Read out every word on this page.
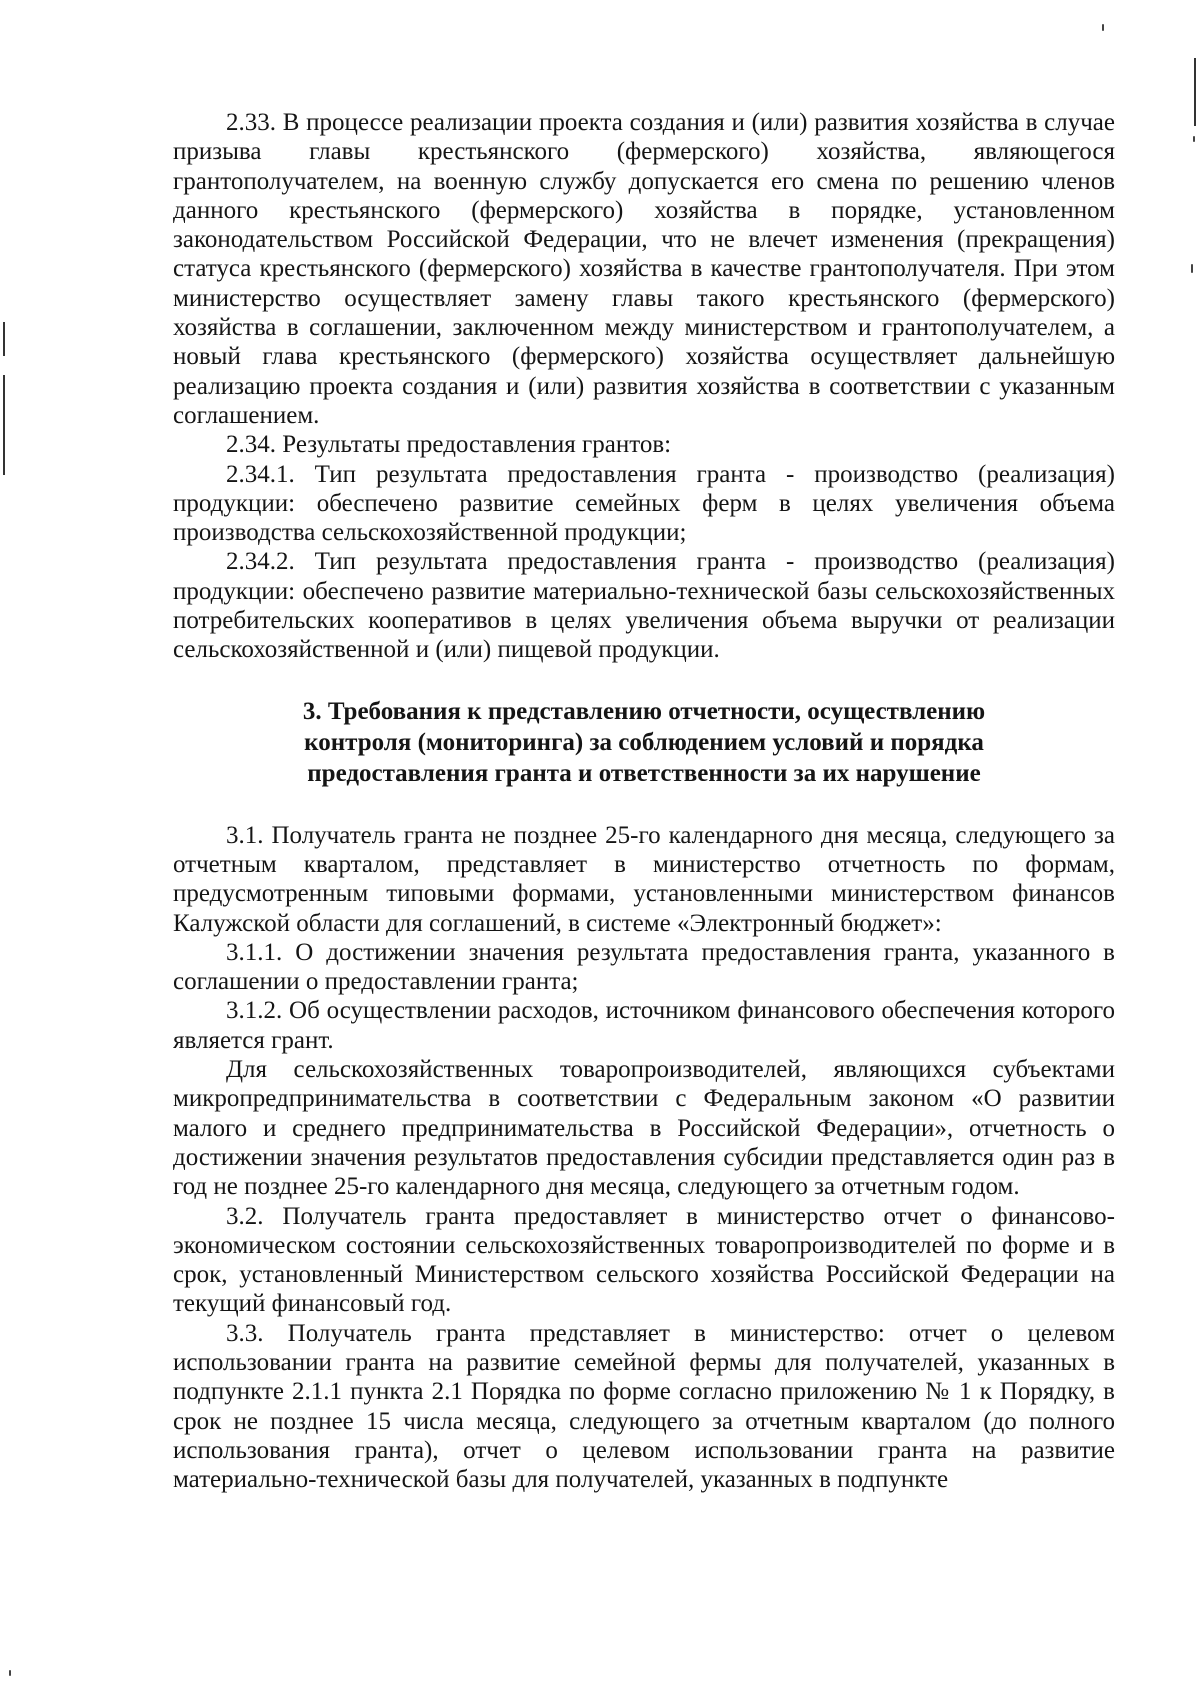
2.33. В процессе реализации проекта создания и (или) развития хозяйства в случае призыва главы крестьянского (фермерского) хозяйства, являющегося грантополучателем, на военную службу допускается его смена по решению членов данного крестьянского (фермерского) хозяйства в порядке, установленном законодательством Российской Федерации, что не влечет изменения (прекращения) статуса крестьянского (фермерского) хозяйства в качестве грантополучателя. При этом министерство осуществляет замену главы такого крестьянского (фермерского) хозяйства в соглашении, заключенном между министерством и грантополучателем, а новый глава крестьянского (фермерского) хозяйства осуществляет дальнейшую реализацию проекта создания и (или) развития хозяйства в соответствии с указанным соглашением.

2.34. Результаты предоставления грантов:

2.34.1. Тип результата предоставления гранта - производство (реализация) продукции: обеспечено развитие семейных ферм в целях увеличения объема производства сельскохозяйственной продукции;

2.34.2. Тип результата предоставления гранта - производство (реализация) продукции: обеспечено развитие материально-технической базы сельскохозяйственных потребительских кооперативов в целях увеличения объема выручки от реализации сельскохозяйственной и (или) пищевой продукции.

3. Требования к представлению отчетности, осуществлению
контроля (мониторинга) за соблюдением условий и порядка
предоставления гранта и ответственности за их нарушение

3.1. Получатель гранта не позднее 25-го календарного дня месяца, следующего за отчетным кварталом, представляет в министерство отчетность по формам, предусмотренным типовыми формами, установленными министерством финансов Калужской области для соглашений, в системе «Электронный бюджет»:

3.1.1. О достижении значения результата предоставления гранта, указанного в соглашении о предоставлении гранта;

3.1.2. Об осуществлении расходов, источником финансового обеспечения которого является грант.

Для сельскохозяйственных товаропроизводителей, являющихся субъектами микропредпринимательства в соответствии с Федеральным законом «О развитии малого и среднего предпринимательства в Российской Федерации», отчетность о достижении значения результатов предоставления субсидии представляется один раз в год не позднее 25-го календарного дня месяца, следующего за отчетным годом.

3.2. Получатель гранта предоставляет в министерство отчет о финансово-экономическом состоянии сельскохозяйственных товаропроизводителей по форме и в срок, установленный Министерством сельского хозяйства Российской Федерации на текущий финансовый год.

3.3. Получатель гранта представляет в министерство: отчет о целевом использовании гранта на развитие семейной фермы для получателей, указанных в подпункте 2.1.1 пункта 2.1 Порядка по форме согласно приложению № 1 к Порядку, в срок не позднее 15 числа месяца, следующего за отчетным кварталом (до полного использования гранта), отчет о целевом использовании гранта на развитие материально-технической базы для получателей, указанных в подпункте
